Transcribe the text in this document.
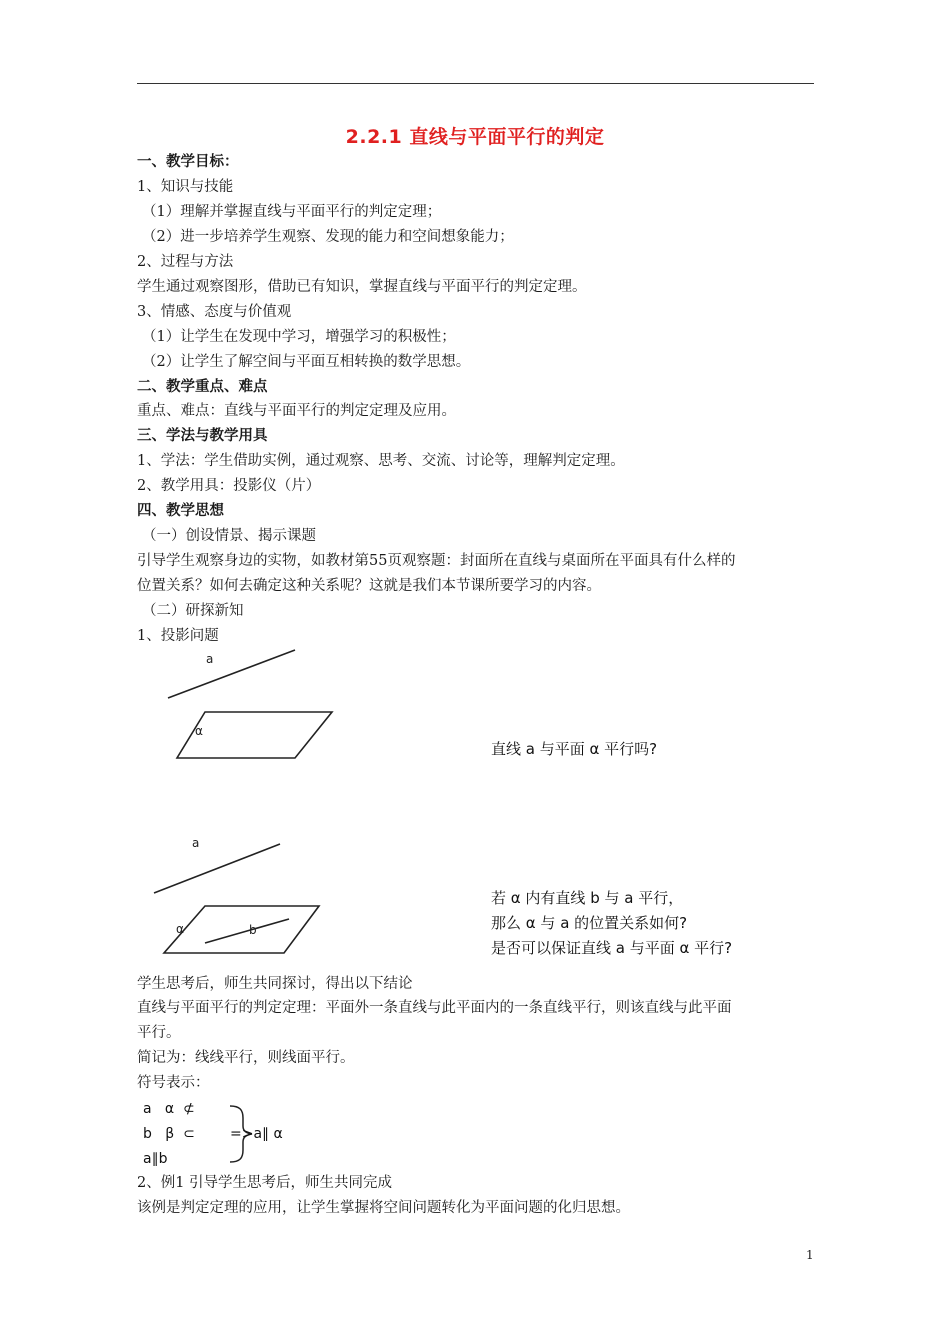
2.2.1 直线与平面平行的判定
一、教学目标：
1、知识与技能
（1）理解并掌握直线与平面平行的判定定理；
（2）进一步培养学生观察、发现的能力和空间想象能力；
2、过程与方法
学生通过观察图形，借助已有知识，掌握直线与平面平行的判定定理。
3、情感、态度与价值观
（1）让学生在发现中学习，增强学习的积极性；
（2）让学生了解空间与平面互相转换的数学思想。
二、教学重点、难点
重点、难点：直线与平面平行的判定定理及应用。
三、学法与教学用具
1、学法：学生借助实例，通过观察、思考、交流、讨论等，理解判定定理。
2、教学用具：投影仪（片）
四、教学思想
（一）创设情景、揭示课题
引导学生观察身边的实物，如教材第55页观察题：封面所在直线与桌面所在平面具有什么样的
位置关系？如何去确定这种关系呢？这就是我们本节课所要学习的内容。
（二）研探新知
1、投影问题
a
α
直线 a 与平面 α 平行吗?
a
α	b
若 α 内有直线 b 与 a 平行，
那么 α 与 a 的位置关系如何?
是否可以保证直线 a 与平面 α 平行?
学生思考后，师生共同探讨，得出以下结论
直线与平面平行的判定定理：平面外一条直线与此平面内的一条直线平行，则该直线与此平面
平行。
简记为：线线平行，则线面平行。
符号表示：
a   α  ⊄
b   β  ⊂
a∥b
=>a∥ α
2、例1 引导学生思考后，师生共同完成
该例是判定定理的应用，让学生掌握将空间问题转化为平面问题的化归思想。
1
